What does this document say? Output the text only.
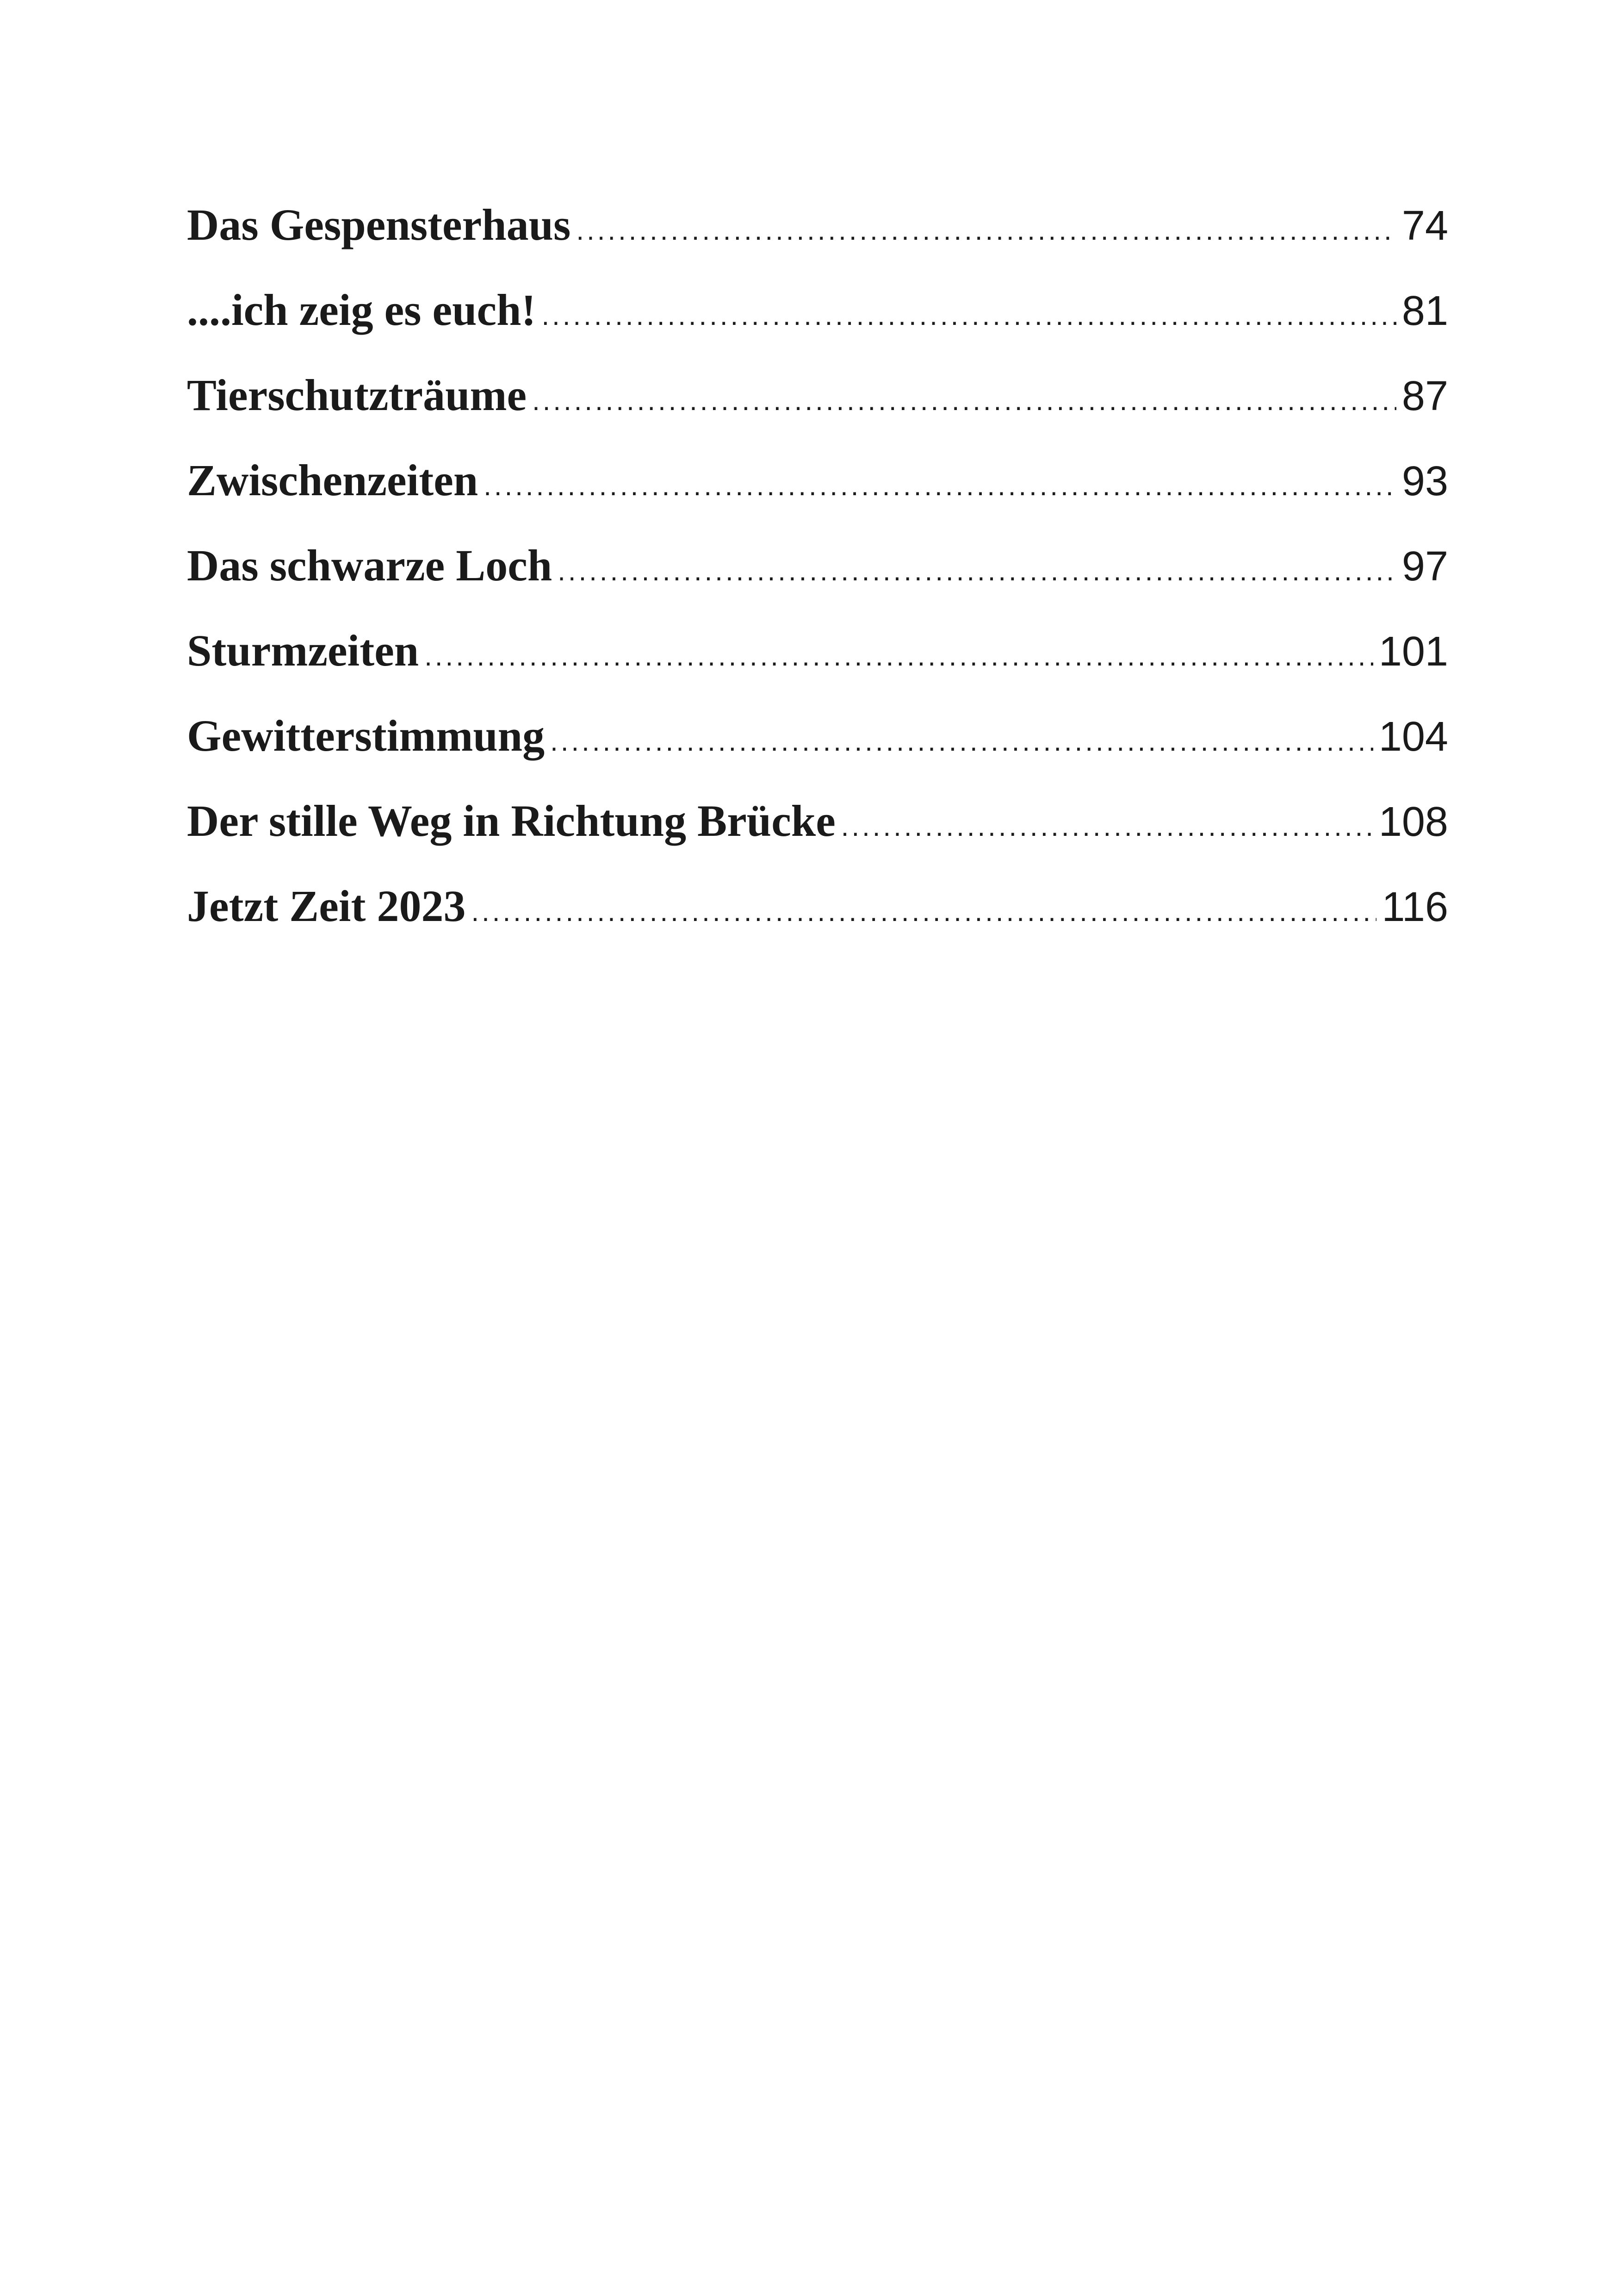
Das Gespensterhaus .....	74
....ich zeig es euch! .....	81
Tierschutzträume .....	87
Zwischenzeiten .....	93
Das schwarze Loch .....	97
Sturmzeiten .....	101
Gewitterstimmung .....	104
Der stille Weg in Richtung Brücke .....	108
Jetzt Zeit 2023 .....	116
